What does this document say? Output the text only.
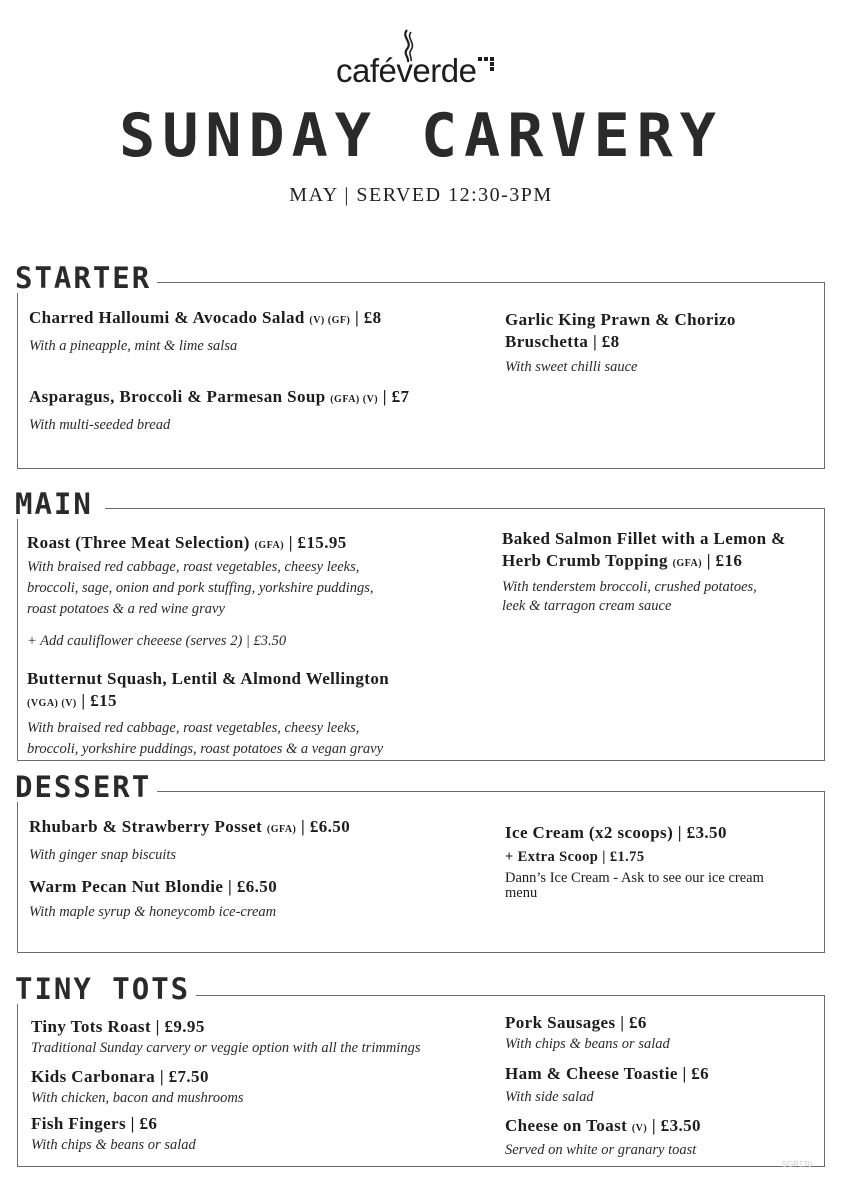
caféverde
SUNDAY CARVERY
MAY | SERVED 12:30-3PM
STARTER
Charred Halloumi & Avocado Salad (V) (GF) | £8
With a pineapple, mint & lime salsa
Asparagus, Broccoli & Parmesan Soup (GFA) (V) | £7
With multi-seeded bread
Garlic King Prawn & Chorizo
Bruschetta | £8
With sweet chilli sauce
MAIN
Roast (Three Meat Selection) (GFA) | £15.95
With braised red cabbage, roast vegetables, cheesy leeks,
broccoli, sage, onion and pork stuffing, yorkshire puddings,
roast potatoes & a red wine gravy
+ Add cauliflower cheeese (serves 2) | £3.50
Butternut Squash, Lentil & Almond Wellington
(VGA) (V) | £15
With braised red cabbage, roast vegetables, cheesy leeks,
broccoli, yorkshire puddings, roast potatoes & a vegan gravy
Baked Salmon Fillet with a Lemon &
Herb Crumb Topping (GFA) | £16
With tenderstem broccoli, crushed potatoes,
leek & tarragon cream sauce
DESSERT
Rhubarb & Strawberry Posset (GFA) | £6.50
With ginger snap biscuits
Warm Pecan Nut Blondie | £6.50
With maple syrup & honeycomb ice-cream
Ice Cream (x2 scoops) | £3.50
+ Extra Scoop | £1.75
Dann’s Ice Cream - Ask to see our ice cream
menu
TINY TOTS
Tiny Tots Roast | £9.95
Traditional Sunday carvery or veggie option with all the trimmings
Kids Carbonara | £7.50
With chicken, bacon and mushrooms
Fish Fingers | £6
With chips & beans or salad
Pork Sausages | £6
With chips & beans or salad
Ham & Cheese Toastie | £6
With side salad
Cheese on Toast (V) | £3.50
Served on white or granary toast
SGP170
